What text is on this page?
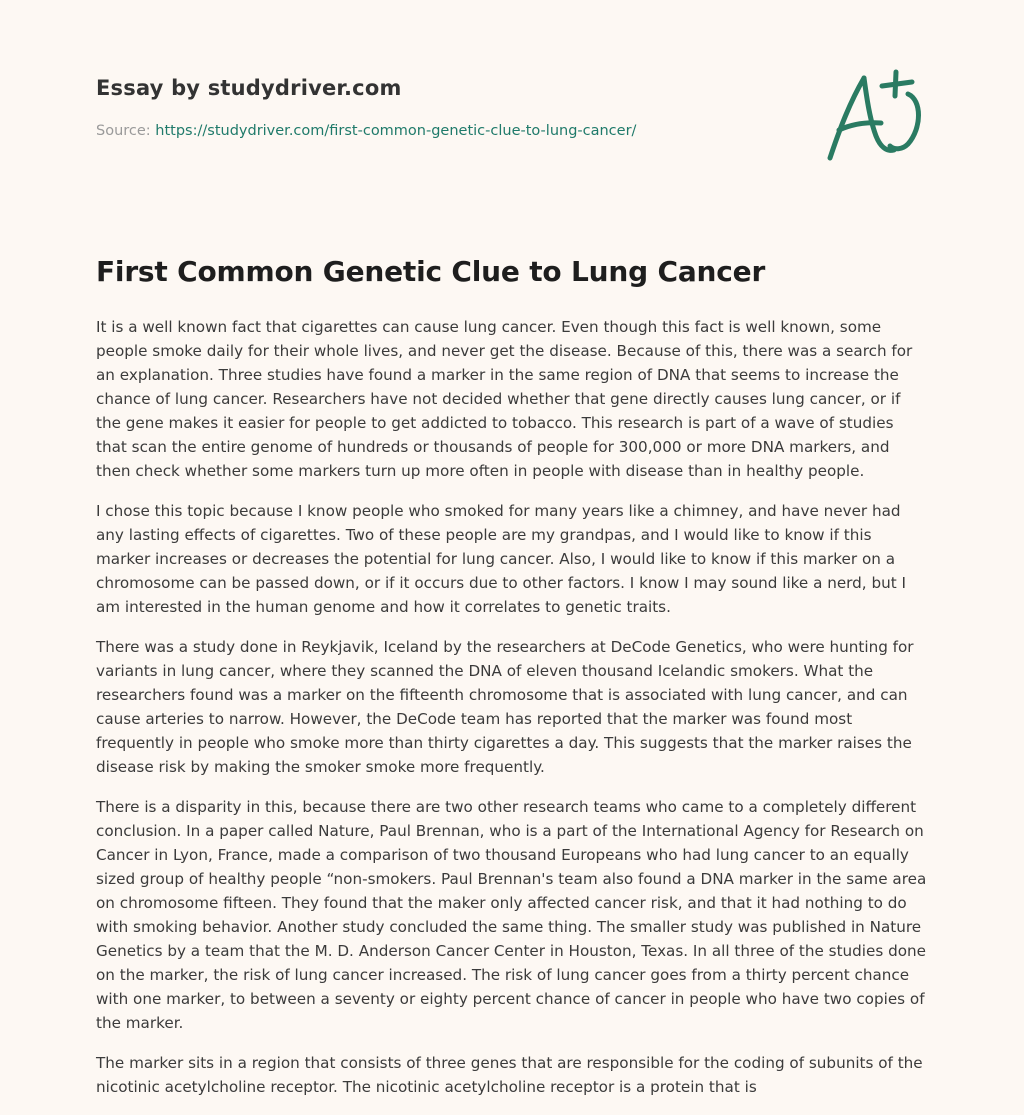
Essay by studydriver.com
Source: https://studydriver.com/first-common-genetic-clue-to-lung-cancer/
First Common Genetic Clue to Lung Cancer

It is a well known fact that cigarettes can cause lung cancer. Even though this fact is well known, some people smoke daily for their whole lives, and never get the disease. Because of this, there was a search for an explanation. Three studies have found a marker in the same region of DNA that seems to increase the chance of lung cancer. Researchers have not decided whether that gene directly causes lung cancer, or if the gene makes it easier for people to get addicted to tobacco. This research is part of a wave of studies that scan the entire genome of hundreds or thousands of people for 300,000 or more DNA markers, and then check whether some markers turn up more often in people with disease than in healthy people.

I chose this topic because I know people who smoked for many years like a chimney, and have never had any lasting effects of cigarettes. Two of these people are my grandpas, and I would like to know if this marker increases or decreases the potential for lung cancer. Also, I would like to know if this marker on a chromosome can be passed down, or if it occurs due to other factors. I know I may sound like a nerd, but I am interested in the human genome and how it correlates to genetic traits.

There was a study done in Reykjavik, Iceland by the researchers at DeCode Genetics, who were hunting for variants in lung cancer, where they scanned the DNA of eleven thousand Icelandic smokers. What the researchers found was a marker on the fifteenth chromosome that is associated with lung cancer, and can cause arteries to narrow. However, the DeCode team has reported that the marker was found most frequently in people who smoke more than thirty cigarettes a day. This suggests that the marker raises the disease risk by making the smoker smoke more frequently.

There is a disparity in this, because there are two other research teams who came to a completely different conclusion. In a paper called Nature, Paul Brennan, who is a part of the International Agency for Research on Cancer in Lyon, France, made a comparison of two thousand Europeans who had lung cancer to an equally sized group of healthy people “non-smokers. Paul Brennan's team also found a DNA marker in the same area on chromosome fifteen. They found that the maker only affected cancer risk, and that it had nothing to do with smoking behavior. Another study concluded the same thing. The smaller study was published in Nature Genetics by a team that the M. D. Anderson Cancer Center in Houston, Texas. In all three of the studies done on the marker, the risk of lung cancer increased. The risk of lung cancer goes from a thirty percent chance with one marker, to between a seventy or eighty percent chance of cancer in people who have two copies of the marker.

The marker sits in a region that consists of three genes that are responsible for the coding of subunits of the nicotinic acetylcholine receptor. The nicotinic acetylcholine receptor is a protein that is
